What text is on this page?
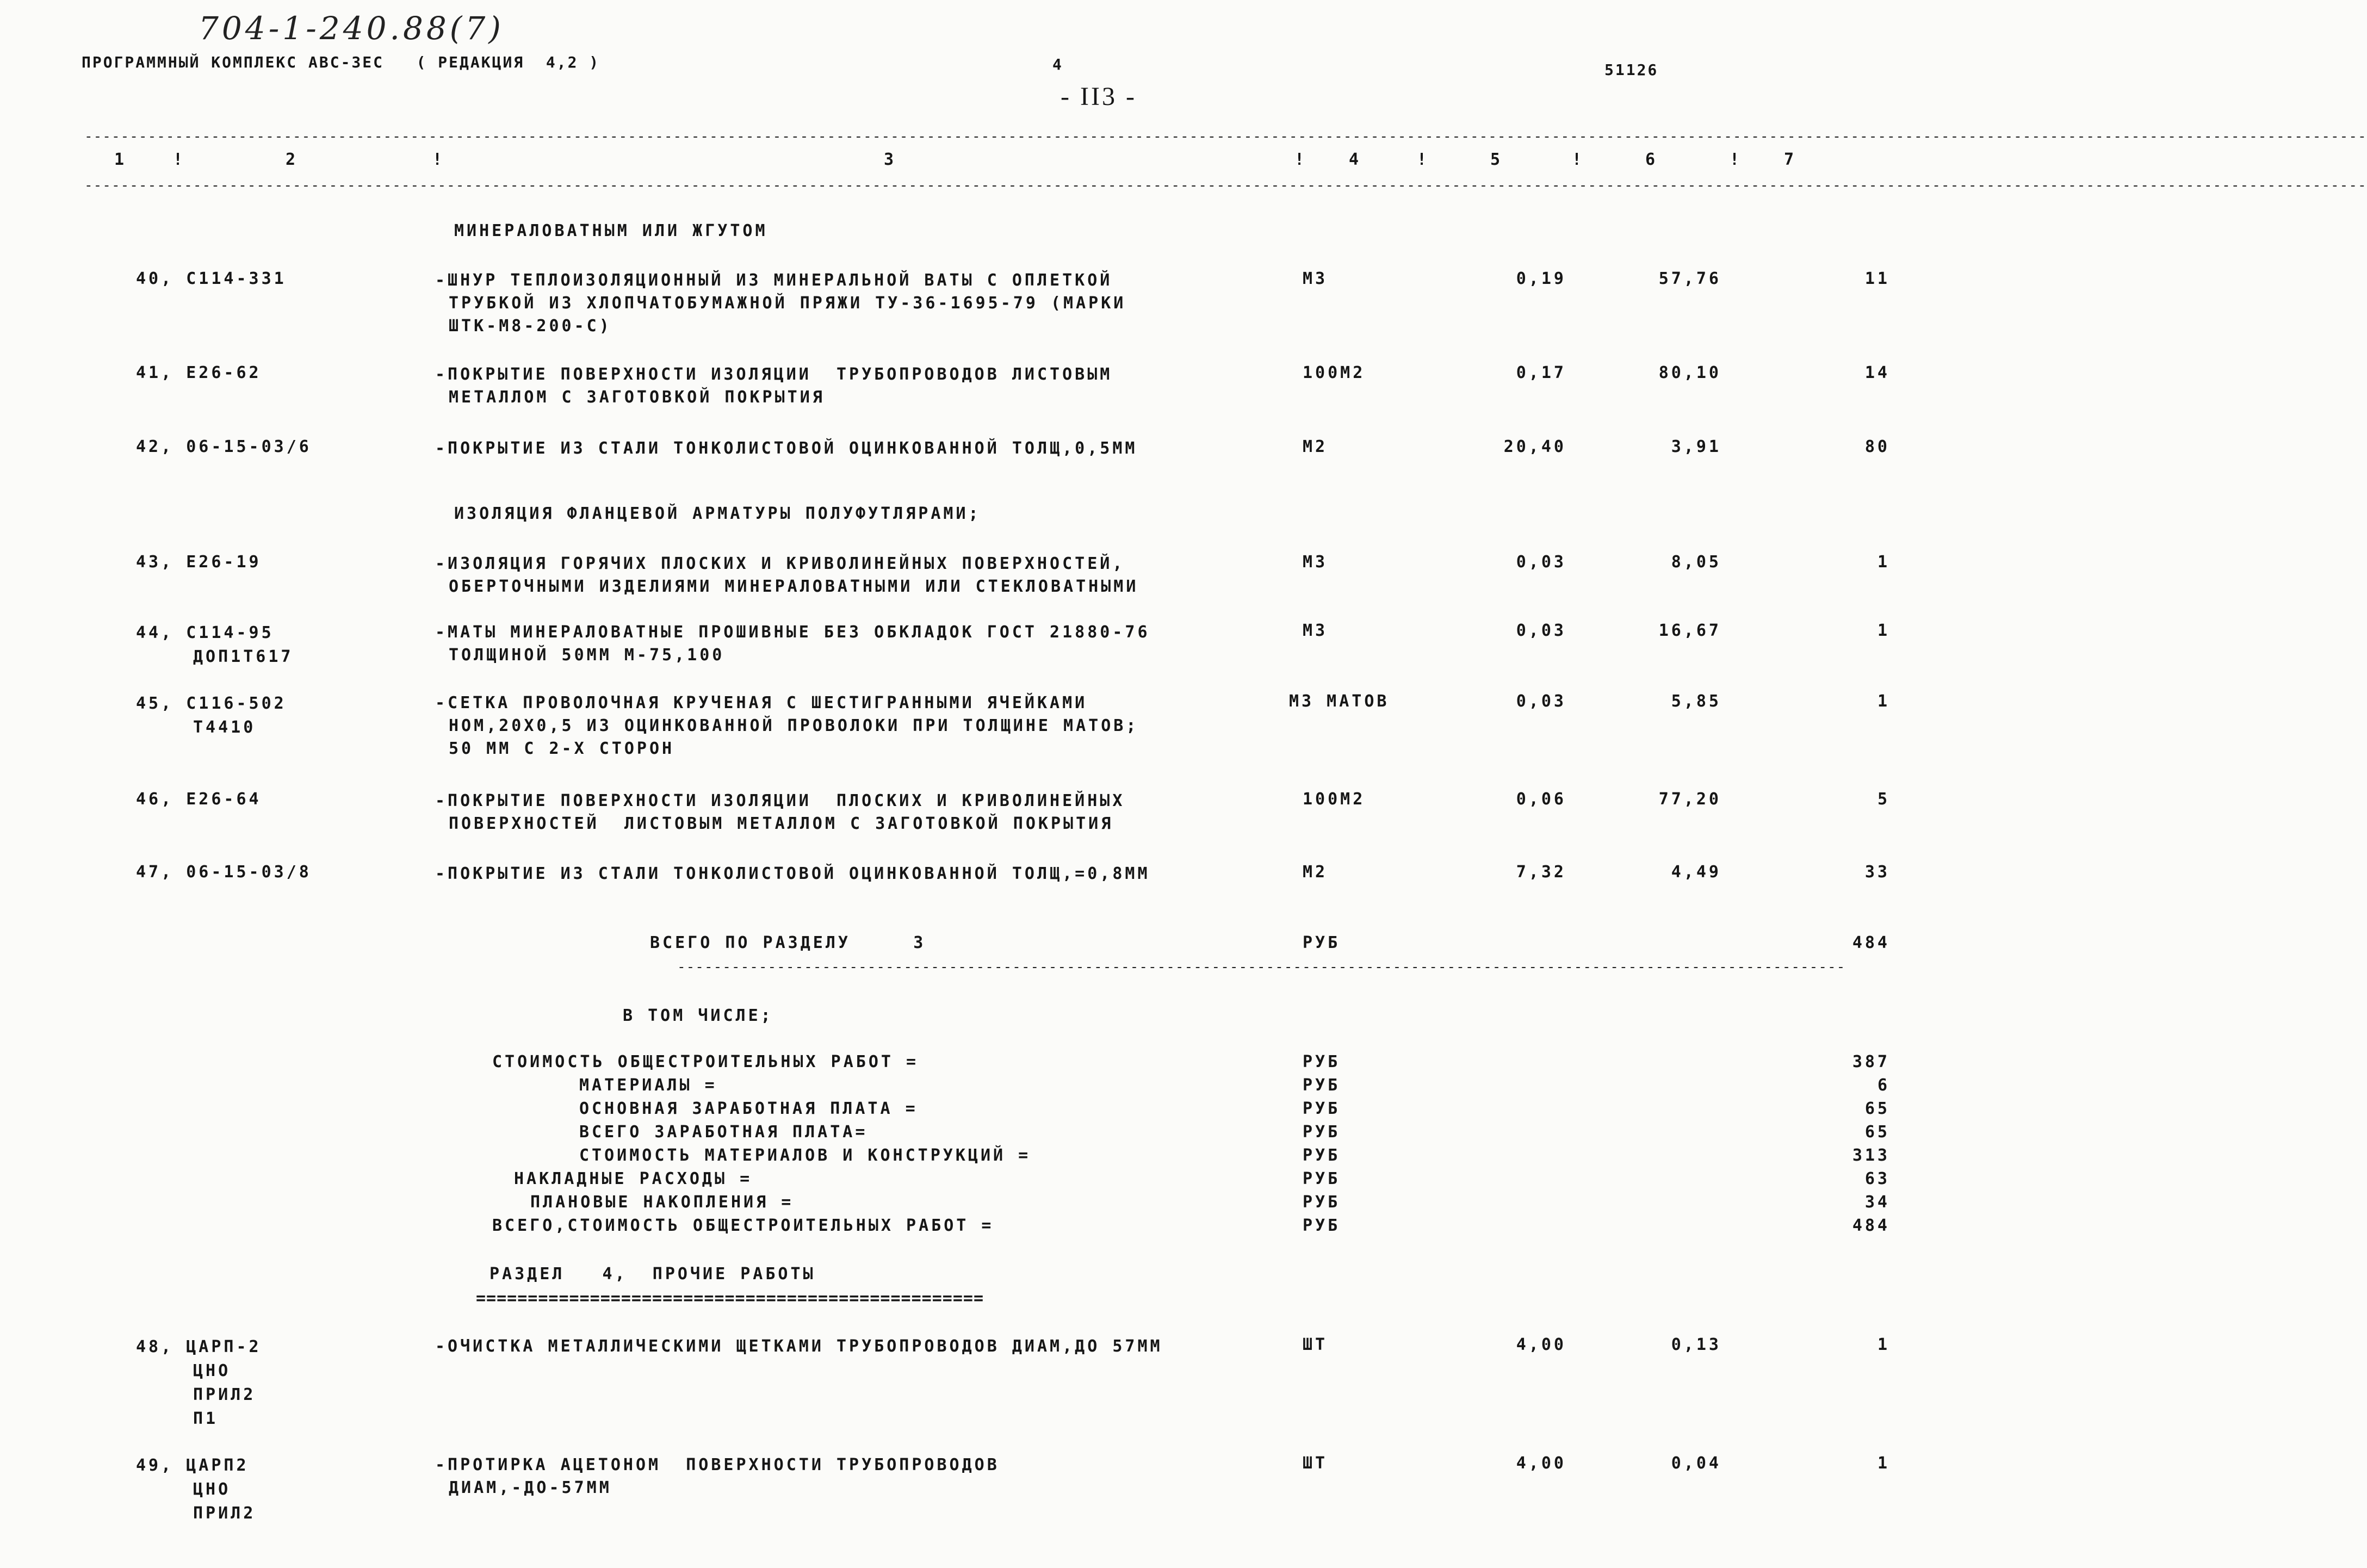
704-1-240.88(7)
ПРОГРАММНЫЙ КОМПЛЕКС АВС-ЗЕС   ( РЕДАКЦИЯ  4,2 )	4
- II3 -
51126
------------------------------------------------------------------------------------------------------------------------------------------------------------------------------------------------------------------------------------------------------------
1	!	2	!	3	!	4	!	5	!	6	!	7
------------------------------------------------------------------------------------------------------------------------------------------------------------------------------------------------------------------------------------------------------------
МИНЕРАЛОВАТНЫМ ИЛИ ЖГУТОМ
ИЗОЛЯЦИЯ ФЛАНЦЕВОЙ АРМАТУРЫ ПОЛУФУТЛЯРАМИ;
40, С114-331	-ШНУР ТЕПЛОИЗОЛЯЦИОННЫЙ ИЗ МИНЕРАЛЬНОЙ ВАТЫ С ОПЛЕТКОЙ
ТРУБКОЙ ИЗ ХЛОПЧАТОБУМАЖНОЙ ПРЯЖИ ТУ-36-1695-79 (МАРКИ
ШТК-М8-200-С)
М3	0,19	57,76	11
41, Е26-62	-ПОКРЫТИЕ ПОВЕРХНОСТИ ИЗОЛЯЦИИ  ТРУБОПРОВОДОВ ЛИСТОВЫМ
МЕТАЛЛОМ С ЗАГОТОВКОЙ ПОКРЫТИЯ
100М2	0,17	80,10	14
42, 06-15-03/6	-ПОКРЫТИЕ ИЗ СТАЛИ ТОНКОЛИСТОВОЙ ОЦИНКОВАННОЙ ТОЛЩ,0,5ММ	М2	20,40	3,91	80
43, Е26-19	-ИЗОЛЯЦИЯ ГОРЯЧИХ ПЛОСКИХ И КРИВОЛИНЕЙНЫХ ПОВЕРХНОСТЕЙ,
ОБЕРТОЧНЫМИ ИЗДЕЛИЯМИ МИНЕРАЛОВАТНЫМИ ИЛИ СТЕКЛОВАТНЫМИ
М3	0,03	8,05	1
44, С114-95
ДОП1Т617
-МАТЫ МИНЕРАЛОВАТНЫЕ ПРОШИВНЫЕ БЕЗ ОБКЛАДОК ГОСТ 21880-76
ТОЛЩИНОЙ 50ММ М-75,100
М3	0,03	16,67	1
45, С116-502
Т4410
-СЕТКА ПРОВОЛОЧНАЯ КРУЧЕНАЯ С ШЕСТИГРАННЫМИ ЯЧЕЙКАМИ
НОМ,20Х0,5 ИЗ ОЦИНКОВАННОЙ ПРОВОЛОКИ ПРИ ТОЛЩИНЕ МАТОВ;
50 ММ С 2-Х СТОРОН
М3 МАТОВ	0,03	5,85	1
46, Е26-64	-ПОКРЫТИЕ ПОВЕРХНОСТИ ИЗОЛЯЦИИ  ПЛОСКИХ И КРИВОЛИНЕЙНЫХ
ПОВЕРХНОСТЕЙ  ЛИСТОВЫМ МЕТАЛЛОМ С ЗАГОТОВКОЙ ПОКРЫТИЯ
100М2	0,06	77,20	5
47, 06-15-03/8	-ПОКРЫТИЕ ИЗ СТАЛИ ТОНКОЛИСТОВОЙ ОЦИНКОВАННОЙ ТОЛЩ,=0,8ММ	М2	7,32	4,49	33
ВСЕГО ПО РАЗДЕЛУ     3	РУБ	484
---------------------------------------------------------------------------------------------------------------------------------
В ТОМ ЧИСЛЕ;
СТОИМОСТЬ ОБЩЕСТРОИТЕЛЬНЫХ РАБОТ =	РУБ	387
МАТЕРИАЛЫ =	РУБ	6
ОСНОВНАЯ ЗАРАБОТНАЯ ПЛАТА =	РУБ	65
ВСЕГО ЗАРАБОТНАЯ ПЛАТА=	РУБ	65
СТОИМОСТЬ МАТЕРИАЛОВ И КОНСТРУКЦИЙ =	РУБ	313
НАКЛАДНЫЕ РАСХОДЫ =	РУБ	63
ПЛАНОВЫЕ НАКОПЛЕНИЯ =	РУБ	34
ВСЕГО,СТОИМОСТЬ ОБЩЕСТРОИТЕЛЬНЫХ РАБОТ =	РУБ	484
РАЗДЕЛ   4,  ПРОЧИЕ РАБОТЫ
=================================================
48, ЦАРП-2
ЦНО
ПРИЛ2
П1
-ОЧИСТКА МЕТАЛЛИЧЕСКИМИ ЩЕТКАМИ ТРУБОПРОВОДОВ ДИАМ,ДО 57ММ	ШТ	4,00	0,13	1
49, ЦАРП2
ЦНО
ПРИЛ2
-ПРОТИРКА АЦЕТОНОМ  ПОВЕРХНОСТИ ТРУБОПРОВОДОВ
ДИАМ,-ДО-57ММ
ШТ	4,00	0,04	1
